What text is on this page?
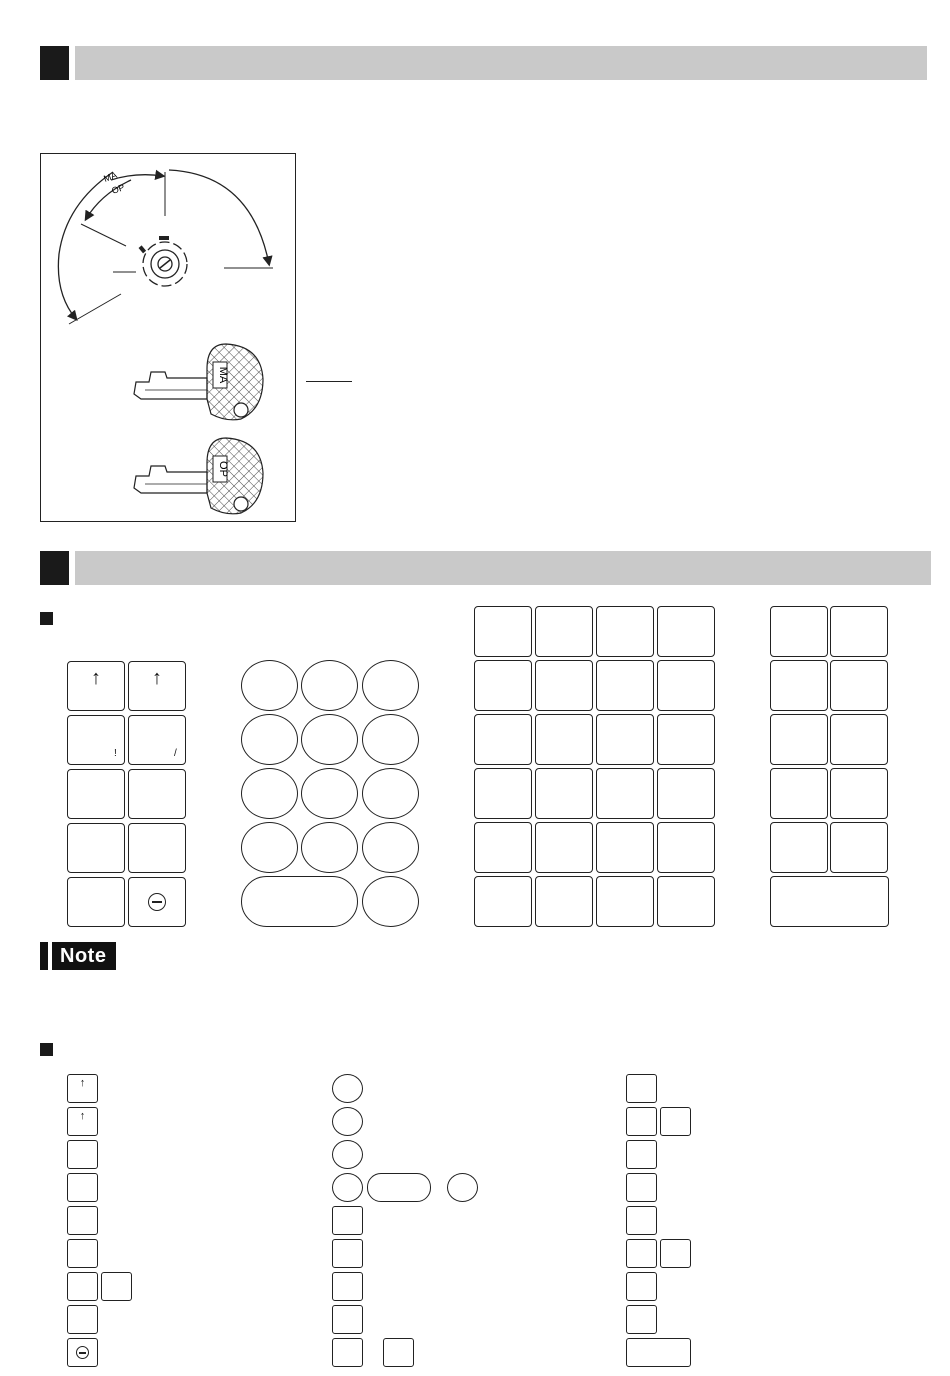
MA
OP
MA
OP
↑	↑
!	/
Note
↑
↑
